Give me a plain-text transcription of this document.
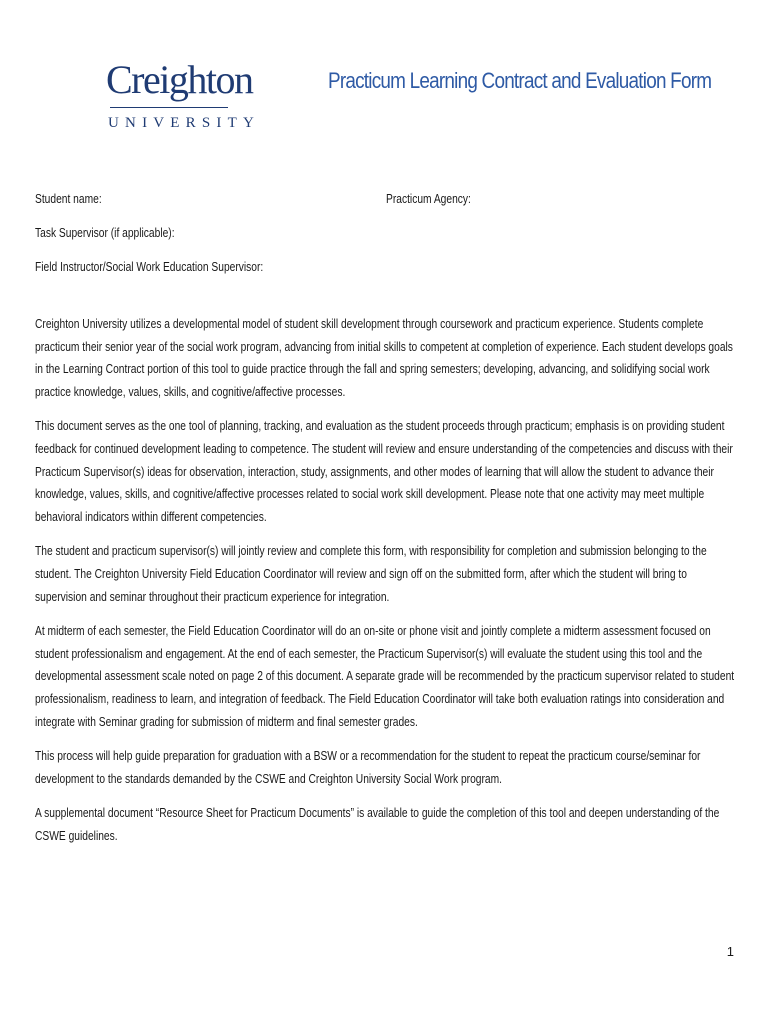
Creighton
UNIVERSITY
Practicum Learning Contract and Evaluation Form
Student name:	Practicum Agency:
Task Supervisor (if applicable):
Field Instructor/Social Work Education Supervisor:

Creighton University utilizes a developmental model of student skill development through coursework and practicum experience. Students complete practicum their senior year of the social work program, advancing from initial skills to competent at completion of experience. Each student develops goals in the Learning Contract portion of this tool to guide practice through the fall and spring semesters; developing, advancing, and solidifying social work practice knowledge, values, skills, and cognitive/affective processes.

This document serves as the one tool of planning, tracking, and evaluation as the student proceeds through practicum; emphasis is on providing student feedback for continued development leading to competence. The student will review and ensure understanding of the competencies and discuss with their Practicum Supervisor(s) ideas for observation, interaction, study, assignments, and other modes of learning that will allow the student to advance their knowledge, values, skills, and cognitive/affective processes related to social work skill development. Please note that one activity may meet multiple behavioral indicators within different competencies.

The student and practicum supervisor(s) will jointly review and complete this form, with responsibility for completion and submission belonging to the student. The Creighton University Field Education Coordinator will review and sign off on the submitted form, after which the student will bring to supervision and seminar throughout their practicum experience for integration.

At midterm of each semester, the Field Education Coordinator will do an on-site or phone visit and jointly complete a midterm assessment focused on student professionalism and engagement. At the end of each semester, the Practicum Supervisor(s) will evaluate the student using this tool and the developmental assessment scale noted on page 2 of this document. A separate grade will be recommended by the practicum supervisor related to student professionalism, readiness to learn, and integration of feedback. The Field Education Coordinator will take both evaluation ratings into consideration and integrate with Seminar grading for submission of midterm and final semester grades.

This process will help guide preparation for graduation with a BSW or a recommendation for the student to repeat the practicum course/seminar for development to the standards demanded by the CSWE and Creighton University Social Work program.

A supplemental document “Resource Sheet for Practicum Documents” is available to guide the completion of this tool and deepen understanding of the CSWE guidelines.

1
